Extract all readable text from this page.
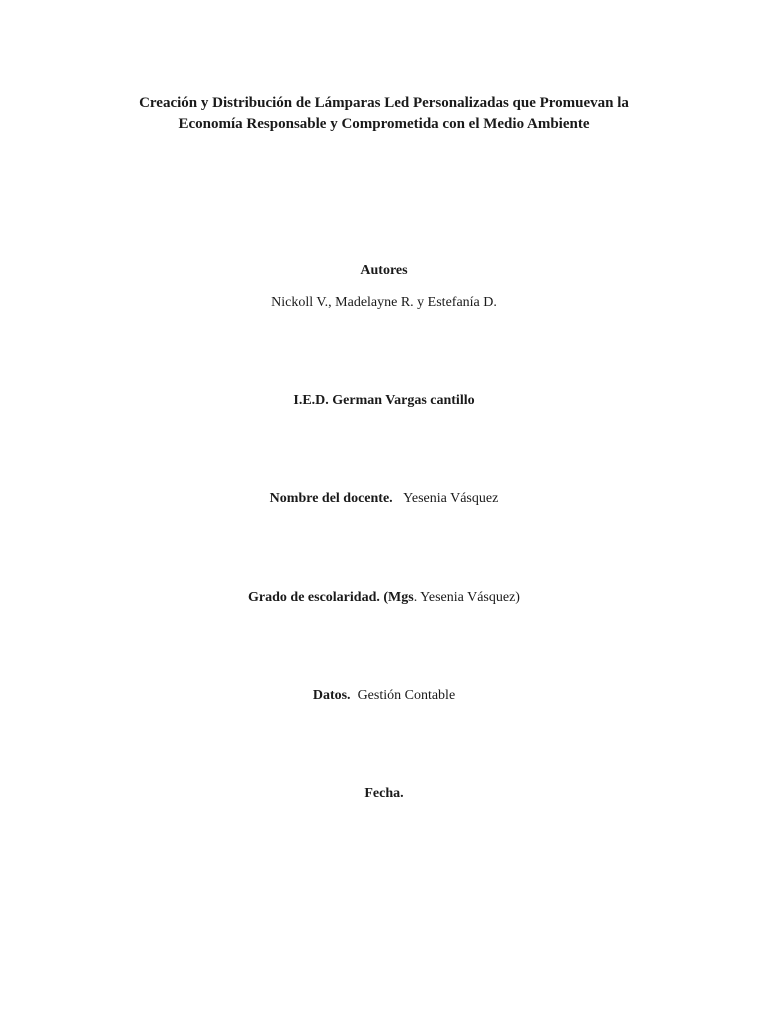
Creación y Distribución de Lámparas Led Personalizadas que Promuevan la
Economía Responsable y Comprometida con el Medio Ambiente
Autores
Nickoll V., Madelayne R. y Estefanía D.
I.E.D. German Vargas cantillo
Nombre del docente. Yesenia Vásquez
Grado de escolaridad. (Mgs. Yesenia Vásquez)
Datos. Gestión Contable
Fecha.
